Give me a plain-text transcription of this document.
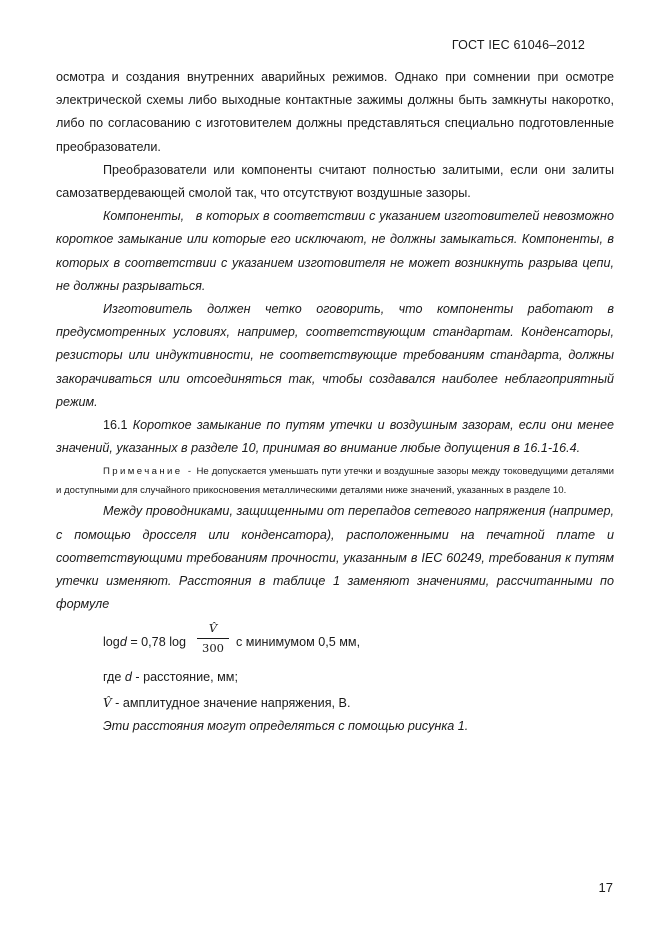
ГОСТ IEC 61046–2012

осмотра и создания внутренних аварийных режимов. Однако при сомнении при осмотре электрической схемы либо выходные контактные зажимы должны быть замкнуты накоротко, либо по согласованию с изготовителем должны представляться специально подготовленные преобразователи.

Преобразователи или компоненты считают полностью залитыми, если они залиты самозатвердевающей смолой так, что отсутствуют воздушные зазоры.

Компоненты,   в которых в соответствии с указанием изготовителей невозможно короткое замыкание или которые его исключают, не должны замыкаться. Компоненты, в которых в соответствии с указанием изготовителя не может возникнуть разрыва цепи, не должны разрываться.

Изготовитель должен четко оговорить, что компоненты работают в предусмотренных условиях, например, соответствующим стандартам. Конденсаторы, резисторы или индуктивности, не соответствующие требованиям стандарта, должны закорачиваться или отсоединяться так, чтобы создавался наиболее неблагоприятный режим.

16.1 Короткое замыкание по путям утечки и воздушным зазорам, если они менее значений, указанных в разделе 10, принимая во внимание любые допущения в 16.1-16.4.

Примечание - Не допускается уменьшать пути утечки и воздушные зазоры между токоведущими деталями и доступными для случайного прикосновения металлическими деталями ниже значений, указанных в разделе 10.

Между проводниками, защищенными от перепадов сетевого напряжения (например, с помощью дросселя или конденсатора), расположенными на печатной плате и соответствующими требованиям прочности, указанным в IEC 60249, требования к путям утечки изменяют. Расстояния в таблице 1 заменяют значениями, рассчитанными по формуле

logd = 0,78 log
V̂
300 с минимумом 0,5 мм,

где d - расстояние, мм;

V̂ - амплитудное значение напряжения, В.

Эти расстояния могут определяться с помощью рисунка 1.

17
